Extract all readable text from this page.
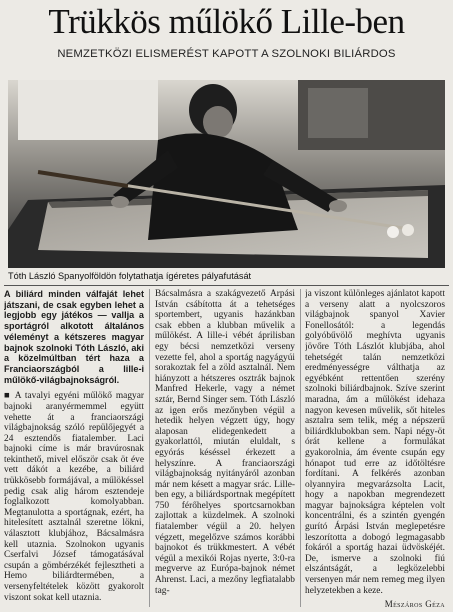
Trükkös műlökő Lille-ben
NEMZETKÖZI ELISMERÉST KAPOTT A SZOLNOKI BILIÁRDOS
Tóth László Spanyolföldön folytathatja ígéretes pályafutását

A biliárd minden válfaját lehet játszani, de csak egyben lehet a legjobb egy játékos — vallja a sportágról alkotott általános véleményt a kétszeres magyar bajnok szolnoki Tóth László, aki a közelmúltban tért haza a Franciaországból a lille-i műlökő-világbajnokságról.

■ A tavalyi egyéni műlökő magyar bajnoki aranyérmemmel együtt vehette át a franciaországi világbajnokság szóló repülőjegyét a 24 esztendős fiatalember. Laci bajnoki címe is már bravúrosnak tekinthető, mivel először csak öt éve vett dákót a kezébe, a biliárd trükkösebb formájával, a műlökéssel pedig csak alig három esztendeje foglalkozott komolyabban. Megtanulotta a sportágnak, ezért, ha hitelesített asztalnál szeretne lökni, választott klubjához, Bácsalmásra kell utaznia. Szolnokon ugyanis Cserfalvi József támogatásával csupán a gömbérzékét fejlesztheti a Hemo biliárdtermében, a versenyfeltételek között gyakorolt viszont sokat kell utaznia.

Bácsalmásra a szakágvezető Árpási István csábította át a tehetséges sportembert, ugyanis hazánkban csak ebben a klubban művelik a műlökést. A lille-i vébét áprilisban egy bécsi nemzetközi verseny vezette fel, ahol a sportág nagyágyúi sorakoztak fel a zöld asztalnál. Nem hiányzott a hétszeres osztrák bajnok Manfred Hekerle, vagy a német sztár, Bernd Singer sem. Tóth László az igen erős mezőnyben végül a hetedik helyen végzett úgy, hogy alaposan elidegenkedett a gyakorlattól, miután eluldalt, s egyórás késéssel érkezett a helyszínre. A franciaországi világbajnokság nyitányáról azonban már nem késett a magyar srác. Lille-ben egy, a biliárdsportnak megépített 750 férőhelyes sportcsarnokban zajlottak a küzdelmek. A szolnoki fiatalember végül a 20. helyen végzett, megelőzve számos korábbi bajnokot és trükkmestert. A vébét végül a mexikói Rojas nyerte, 3:0-ra megverve az Európa-bajnok német Ahrenst. Laci, a mezőny legfiatalabb tag-

ja viszont különleges ajánlatot kapott a verseny alatt a nyolcszoros világbajnok spanyol Xavier Fonellosától: a legendás golyóbűvölő meghívta ugyanis jövőre Tóth Lászlót klubjába, ahol tehetségét talán nemzetközi eredményességre válthatja az egyébként rettentően szerény szolnoki biliárdbajnok. Szíve szerint maradna, ám a műlökést idehaza nagyon kevesen művelik, sőt hiteles asztalra sem telik, még a népszerű biliárdklubokban sem. Napi négy-öt órát kellene a formulákat gyakorolnia, ám évente csupán egy hónapot tud erre az időtöltésre fordítani. A felkérés azonban olyannyira megvarázsolta Lacit, hogy a napokban megrendezett magyar bajnokságra képtelen volt koncentrálni, és a szintén gyengén gurító Árpási István meglepetésre leszorította a dobogó legmagasabb fokáról a sportág hazai üdvöskéjét. De, ismerve a szolnoki fiú elszántságát, a legközelebbi versenyen már nem remeg meg ilyen helyzetekben a keze.

Mészáros Géza
